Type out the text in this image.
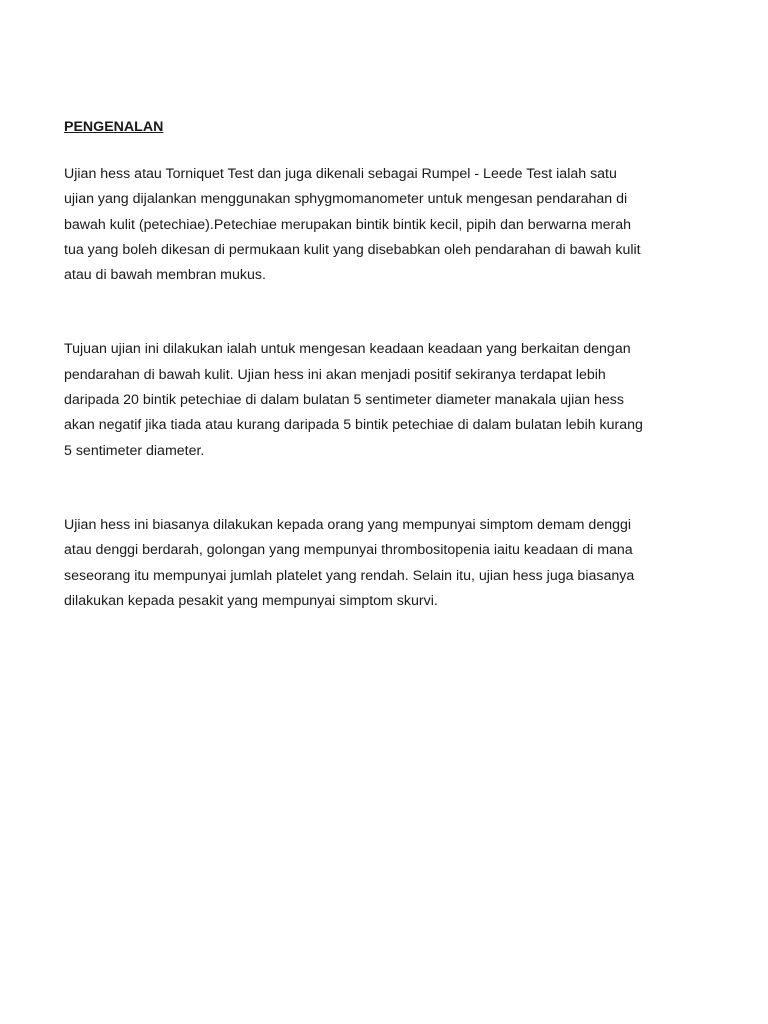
PENGENALAN

Ujian hess atau Torniquet Test dan juga dikenali sebagai Rumpel - Leede Test ialah satu
ujian yang dijalankan menggunakan sphygmomanometer untuk mengesan pendarahan di
bawah kulit (petechiae).Petechiae merupakan bintik bintik kecil, pipih dan berwarna merah
tua yang boleh dikesan di permukaan kulit yang disebabkan oleh pendarahan di bawah kulit
atau di bawah membran mukus.

Tujuan ujian ini dilakukan ialah untuk mengesan keadaan keadaan yang berkaitan dengan
pendarahan di bawah kulit. Ujian hess ini akan menjadi positif sekiranya terdapat lebih
daripada 20 bintik petechiae di dalam bulatan 5 sentimeter diameter manakala ujian hess
akan negatif jika tiada atau kurang daripada 5 bintik petechiae di dalam bulatan lebih kurang
5 sentimeter diameter.

Ujian hess ini biasanya dilakukan kepada orang yang mempunyai simptom demam denggi
atau denggi berdarah, golongan yang mempunyai thrombositopenia iaitu keadaan di mana
seseorang itu mempunyai jumlah platelet yang rendah. Selain itu, ujian hess juga biasanya
dilakukan kepada pesakit yang mempunyai simptom skurvi.
